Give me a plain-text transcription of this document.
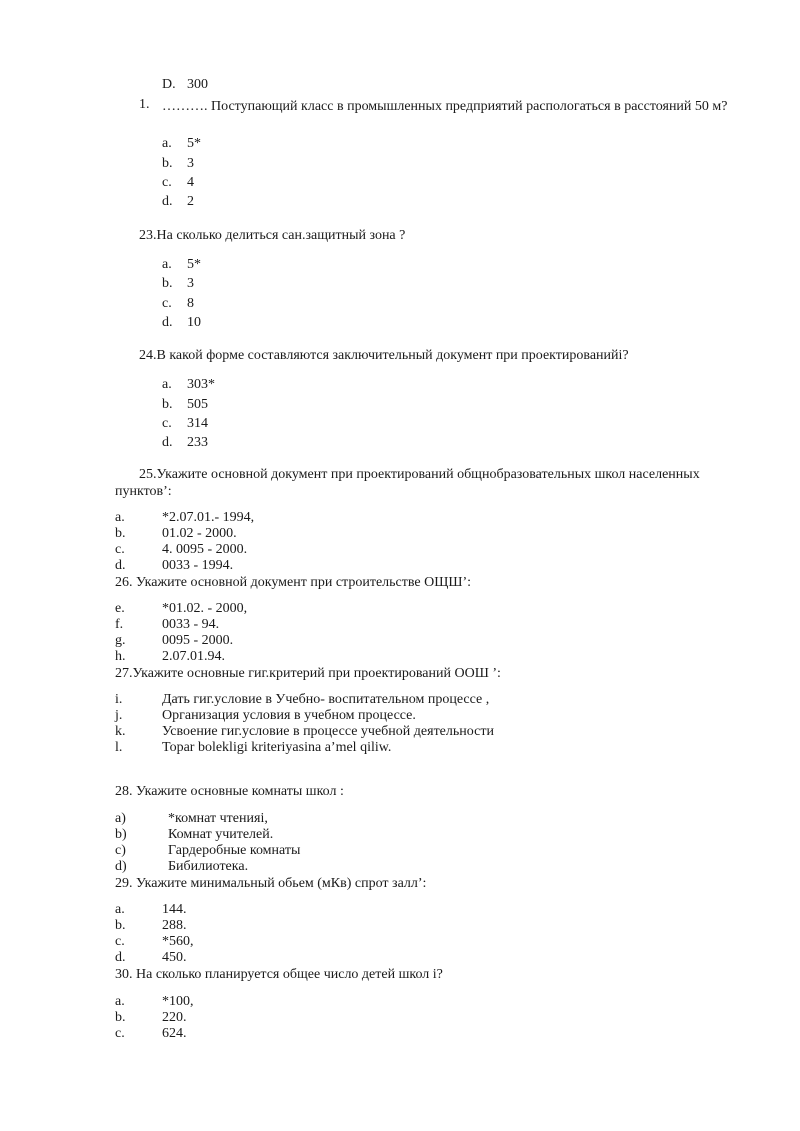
D. 300
1. ………. Поступающий класс в промышленных предприятий распологаться в расстояний 50 м?
a. 5*
b. 3
c. 4
d. 2
23.На сколько делиться сан.защитный зона ?
a. 5*
b. 3
c. 8
d. 10
24.В какой форме составляются заключительный документ при проектированийі?
a. 303*
b. 505
c. 314
d. 233
25.Укажите основной документ при проектирований общнобразовательных школ населенных
пунктов’:
a.	*2.07.01.- 1994,
b.	01.02 - 2000.
c.	4. 0095 - 2000.
d.	0033 - 1994.
26. Укажите основной документ при строительстве ОЩШ’:
e.	*01.02. - 2000,
f.	0033 - 94.
g.	0095 - 2000.
h.	2.07.01.94.
27.Укажите основные гиг.критерий при проектирований ООШ ’:
i.	Дать гиг.условие в Учебно- воспитательном процессе ,
j.	Организация условия в учебном процессе.
k.	Усвоение гиг.условие в процессе учебной деятельности
l.	Topar bolekligi kriteriyasina a’mel qiliw.
28. Укажите основные комнаты школ :
a)	*комнат чтенияі,
b)	Комнат учителей.
c)	Гардеробные комнаты
d)	Бибилиотека.
29. Укажите минимальный обьем (мКв) спрот залл’:
a.	144.
b.	288.
c.	*560,
d.	450.
30. На сколько планируется общее число детей школ і?
a.	*100,
b.	220.
c.	624.
